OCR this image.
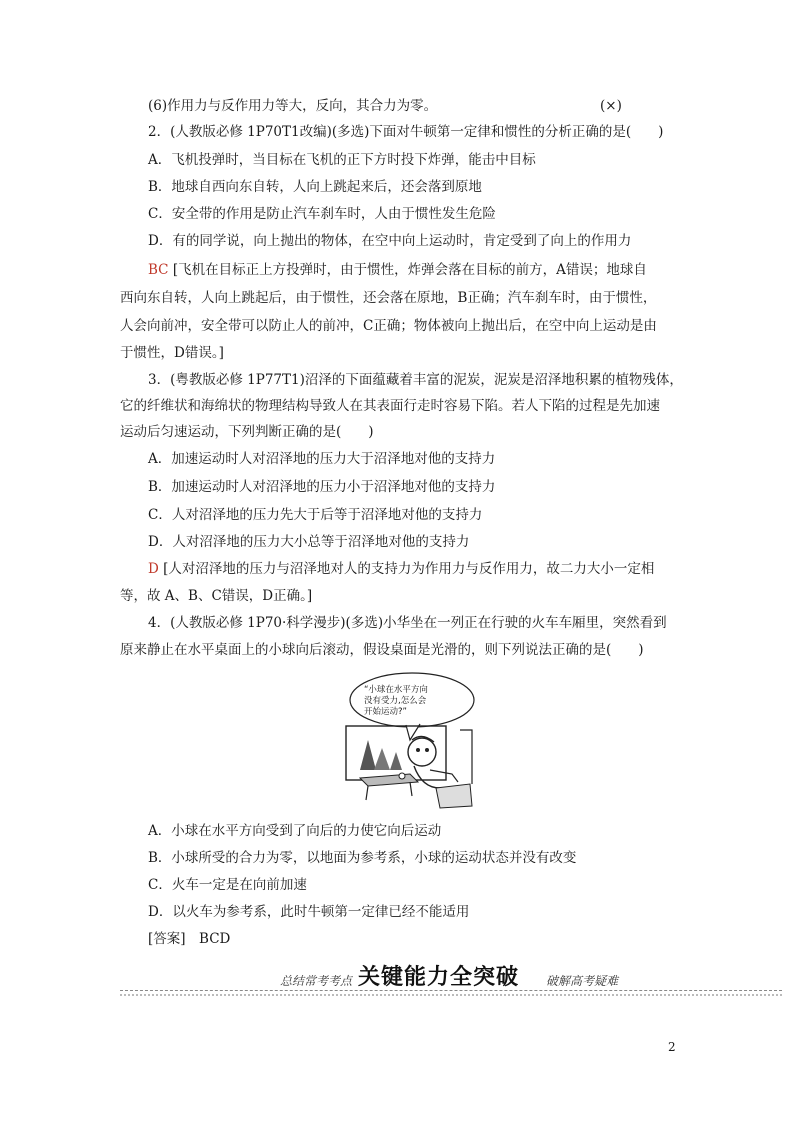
(6)作用力与反作用力等大，反向，其合力为零。	(×)
2．(人教版必修 1P70T1改编)(多选)下面对牛顿第一定律和惯性的分析正确的是(　　)
A．飞机投弹时，当目标在飞机的正下方时投下炸弹，能击中目标
B．地球自西向东自转，人向上跳起来后，还会落到原地
C．安全带的作用是防止汽车刹车时，人由于惯性发生危险
D．有的同学说，向上抛出的物体，在空中向上运动时，肯定受到了向上的作用力
BC [飞机在目标正上方投弹时，由于惯性，炸弹会落在目标的前方，A错误；地球自
西向东自转，人向上跳起后，由于惯性，还会落在原地，B正确；汽车刹车时，由于惯性，
人会向前冲，安全带可以防止人的前冲，C正确；物体被向上抛出后，在空中向上运动是由
于惯性，D错误。]
3．(粤教版必修 1P77T1)沼泽的下面蕴藏着丰富的泥炭，泥炭是沼泽地积累的植物残体，
它的纤维状和海绵状的物理结构导致人在其表面行走时容易下陷。若人下陷的过程是先加速
运动后匀速运动，下列判断正确的是(　　)
A．加速运动时人对沼泽地的压力大于沼泽地对他的支持力
B．加速运动时人对沼泽地的压力小于沼泽地对他的支持力
C．人对沼泽地的压力先大于后等于沼泽地对他的支持力
D．人对沼泽地的压力大小总等于沼泽地对他的支持力
D [人对沼泽地的压力与沼泽地对人的支持力为作用力与反作用力，故二力大小一定相
等，故 A、B、C错误，D正确。]
4．(人教版必修 1P70·科学漫步)(多选)小华坐在一列正在行驶的火车车厢里，突然看到
原来静止在水平桌面上的小球向后滚动，假设桌面是光滑的，则下列说法正确的是(　　)
“小球在水平方向 没有受力,怎么会 开始运动?”
A．小球在水平方向受到了向后的力使它向后运动
B．小球所受的合力为零，以地面为参考系，小球的运动状态并没有改变
C．火车一定是在向前加速
D．以火车为参考系，此时牛顿第一定律已经不能适用
[答案]　BCD
总结常考考点 关键能力全突破 破解高考疑难
2
